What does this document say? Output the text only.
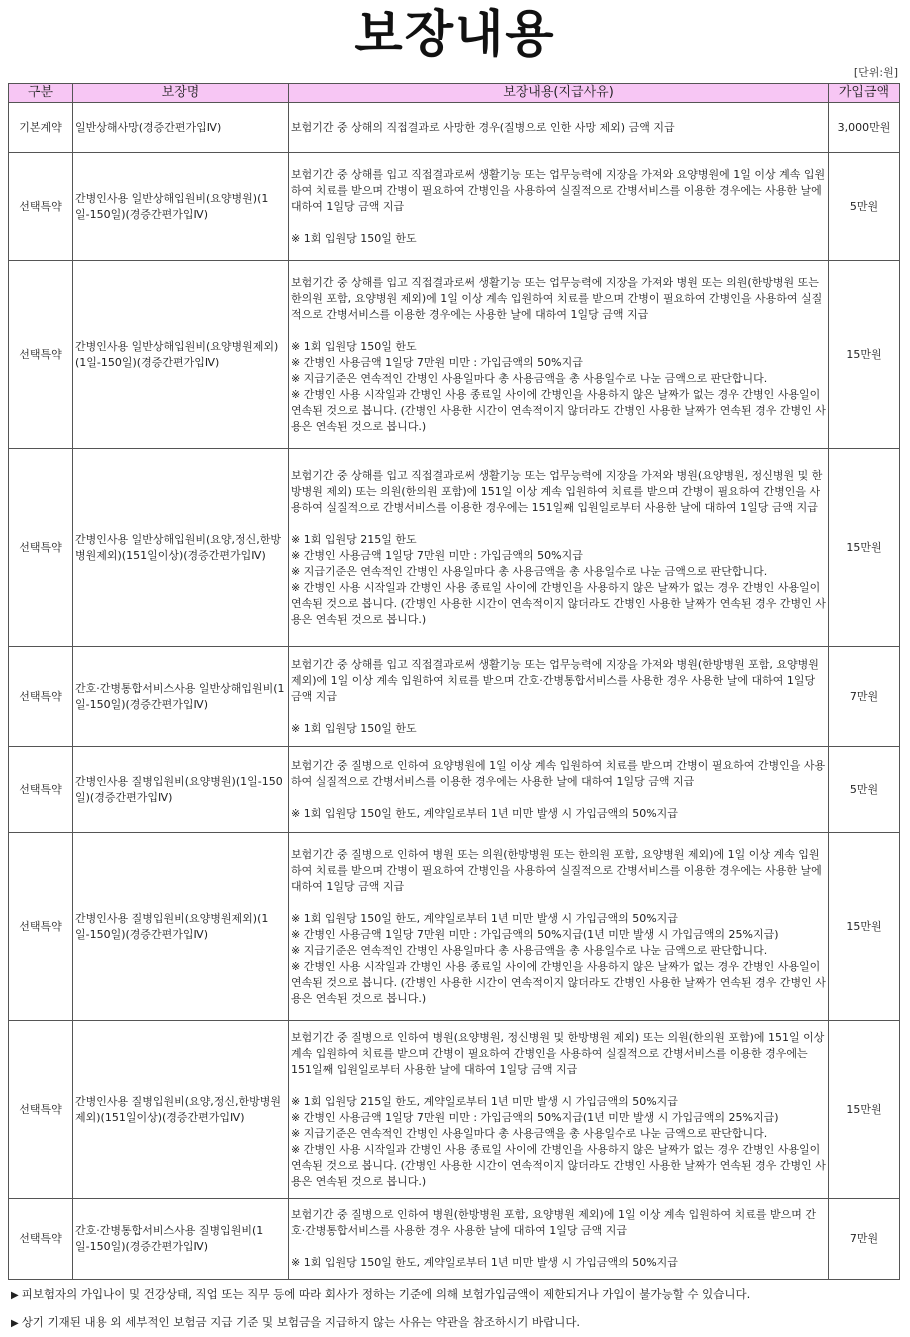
보장내용
[단위:원]
구분	보장명	보장내용(지급사유)	가입금액
기본계약	일반상해사망(경증간편가입Ⅳ)	보험기간 중 상해의 직접결과로 사망한 경우(질병으로 인한 사망 제외) 금액 지급	3,000만원
선택특약	간병인사용 일반상해입원비(요양병원)(1일-150일)(경증간편가입Ⅳ)	보험기간 중 상해를 입고 직접결과로써 생활기능 또는 업무능력에 지장을 가져와 요양병원에 1일 이상 계속 입원하여 치료를 받으며 간병이 필요하여 간병인을 사용하여 실질적으로 간병서비스를 이용한 경우에는 사용한 날에 대하여 1일당 금액 지급
※ 1회 입원당 150일 한도	5만원
선택특약	간병인사용 일반상해입원비(요양병원제외)(1일-150일)(경증간편가입Ⅳ)	보험기간 중 상해를 입고 직접결과로써 생활기능 또는 업무능력에 지장을 가져와 병원 또는 의원(한방병원 또는 한의원 포함, 요양병원 제외)에 1일 이상 계속 입원하여 치료를 받으며 간병이 필요하여 간병인을 사용하여 실질적으로 간병서비스를 이용한 경우에는 사용한 날에 대하여 1일당 금액 지급
※ 1회 입원당 150일 한도
※ 간병인 사용금액 1일당 7만원 미만 : 가입금액의 50%지급
※ 지급기준은 연속적인 간병인 사용일마다 총 사용금액을 총 사용일수로 나눈 금액으로 판단합니다.
※ 간병인 사용 시작일과 간병인 사용 종료일 사이에 간병인을 사용하지 않은 날짜가 없는 경우 간병인 사용일이 연속된 것으로 봅니다. (간병인 사용한 시간이 연속적이지 않더라도 간병인 사용한 날짜가 연속된 경우 간병인 사용은 연속된 것으로 봅니다.)	15만원
선택특약	간병인사용 일반상해입원비(요양,정신,한방병원제외)(151일이상)(경증간편가입Ⅳ)	보험기간 중 상해를 입고 직접결과로써 생활기능 또는 업무능력에 지장을 가져와 병원(요양병원, 정신병원 및 한방병원 제외) 또는 의원(한의원 포함)에 151일 이상 계속 입원하여 치료를 받으며 간병이 필요하여 간병인을 사용하여 실질적으로 간병서비스를 이용한 경우에는 151일째 입원일로부터 사용한 날에 대하여 1일당 금액 지급
※ 1회 입원당 215일 한도
※ 간병인 사용금액 1일당 7만원 미만 : 가입금액의 50%지급
※ 지급기준은 연속적인 간병인 사용일마다 총 사용금액을 총 사용일수로 나눈 금액으로 판단합니다.
※ 간병인 사용 시작일과 간병인 사용 종료일 사이에 간병인을 사용하지 않은 날짜가 없는 경우 간병인 사용일이 연속된 것으로 봅니다. (간병인 사용한 시간이 연속적이지 않더라도 간병인 사용한 날짜가 연속된 경우 간병인 사용은 연속된 것으로 봅니다.)	15만원
선택특약	간호·간병통합서비스사용 일반상해입원비(1일-150일)(경증간편가입Ⅳ)	보험기간 중 상해를 입고 직접결과로써 생활기능 또는 업무능력에 지장을 가져와 병원(한방병원 포함, 요양병원 제외)에 1일 이상 계속 입원하여 치료를 받으며 간호·간병통합서비스를 사용한 경우 사용한 날에 대하여 1일당 금액 지급
※ 1회 입원당 150일 한도	7만원
선택특약	간병인사용 질병입원비(요양병원)(1일-150일)(경증간편가입Ⅳ)	보험기간 중 질병으로 인하여 요양병원에 1일 이상 계속 입원하여 치료를 받으며 간병이 필요하여 간병인을 사용하여 실질적으로 간병서비스를 이용한 경우에는 사용한 날에 대하여 1일당 금액 지급
※ 1회 입원당 150일 한도, 계약일로부터 1년 미만 발생 시 가입금액의 50%지급	5만원
선택특약	간병인사용 질병입원비(요양병원제외)(1일-150일)(경증간편가입Ⅳ)	보험기간 중 질병으로 인하여 병원 또는 의원(한방병원 또는 한의원 포함, 요양병원 제외)에 1일 이상 계속 입원하여 치료를 받으며 간병이 필요하여 간병인을 사용하여 실질적으로 간병서비스를 이용한 경우에는 사용한 날에 대하여 1일당 금액 지급
※ 1회 입원당 150일 한도, 계약일로부터 1년 미만 발생 시 가입금액의 50%지급
※ 간병인 사용금액 1일당 7만원 미만 : 가입금액의 50%지급(1년 미만 발생 시 가입금액의 25%지급)
※ 지급기준은 연속적인 간병인 사용일마다 총 사용금액을 총 사용일수로 나눈 금액으로 판단합니다.
※ 간병인 사용 시작일과 간병인 사용 종료일 사이에 간병인을 사용하지 않은 날짜가 없는 경우 간병인 사용일이 연속된 것으로 봅니다. (간병인 사용한 시간이 연속적이지 않더라도 간병인 사용한 날짜가 연속된 경우 간병인 사용은 연속된 것으로 봅니다.)	15만원
선택특약	간병인사용 질병입원비(요양,정신,한방병원제외)(151일이상)(경증간편가입Ⅳ)	보험기간 중 질병으로 인하여 병원(요양병원, 정신병원 및 한방병원 제외) 또는 의원(한의원 포함)에 151일 이상 계속 입원하여 치료를 받으며 간병이 필요하여 간병인을 사용하여 실질적으로 간병서비스를 이용한 경우에는 151일째 입원일로부터 사용한 날에 대하여 1일당 금액 지급
※ 1회 입원당 215일 한도, 계약일로부터 1년 미만 발생 시 가입금액의 50%지급
※ 간병인 사용금액 1일당 7만원 미만 : 가입금액의 50%지급(1년 미만 발생 시 가입금액의 25%지급)
※ 지급기준은 연속적인 간병인 사용일마다 총 사용금액을 총 사용일수로 나눈 금액으로 판단합니다.
※ 간병인 사용 시작일과 간병인 사용 종료일 사이에 간병인을 사용하지 않은 날짜가 없는 경우 간병인 사용일이 연속된 것으로 봅니다. (간병인 사용한 시간이 연속적이지 않더라도 간병인 사용한 날짜가 연속된 경우 간병인 사용은 연속된 것으로 봅니다.)	15만원
선택특약	간호·간병통합서비스사용 질병입원비(1일-150일)(경증간편가입Ⅳ)	보험기간 중 질병으로 인하여 병원(한방병원 포함, 요양병원 제외)에 1일 이상 계속 입원하여 치료를 받으며 간호·간병통합서비스를 사용한 경우 사용한 날에 대하여 1일당 금액 지급
※ 1회 입원당 150일 한도, 계약일로부터 1년 미만 발생 시 가입금액의 50%지급	7만원
▶ 피보험자의 가입나이 및 건강상태, 직업 또는 직무 등에 따라 회사가 정하는 기준에 의해 보험가입금액이 제한되거나 가입이 불가능할 수 있습니다.
▶ 상기 기재된 내용 외 세부적인 보험금 지급 기준 및 보험금을 지급하지 않는 사유는 약관을 참조하시기 바랍니다.
